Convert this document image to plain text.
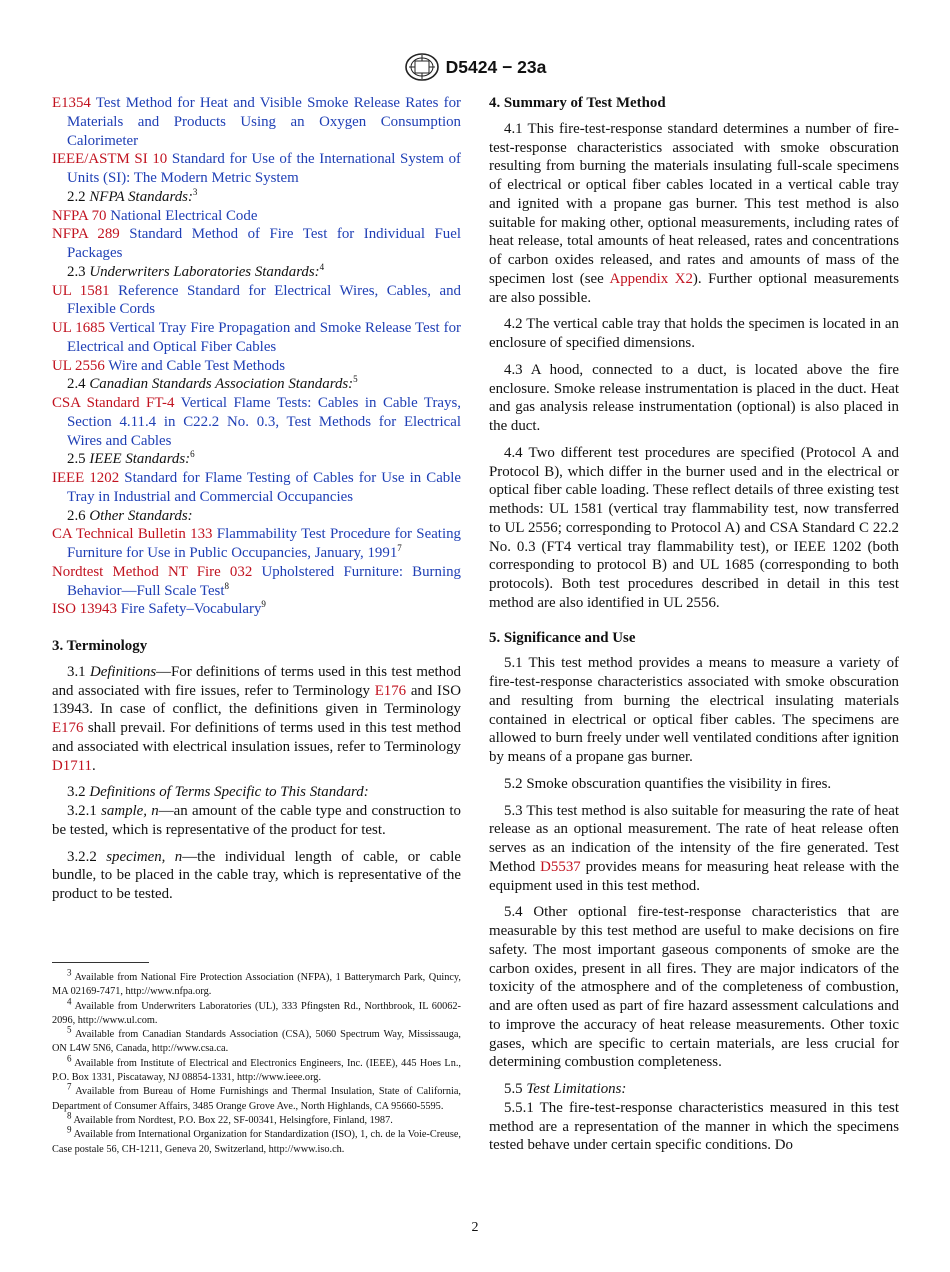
D5424 − 23a
E1354 Test Method for Heat and Visible Smoke Release Rates for Materials and Products Using an Oxygen Consumption Calorimeter
IEEE/ASTM SI 10 Standard for Use of the International System of Units (SI): The Modern Metric System
2.2 NFPA Standards:$^3$
NFPA 70 National Electrical Code
NFPA 289 Standard Method of Fire Test for Individual Fuel Packages
2.3 Underwriters Laboratories Standards:$^4$
UL 1581 Reference Standard for Electrical Wires, Cables, and Flexible Cords
UL 1685 Vertical Tray Fire Propagation and Smoke Release Test for Electrical and Optical Fiber Cables
UL 2556 Wire and Cable Test Methods
2.4 Canadian Standards Association Standards:$^5$
CSA Standard FT-4 Vertical Flame Tests: Cables in Cable Trays, Section 4.11.4 in C22.2 No. 0.3, Test Methods for Electrical Wires and Cables
2.5 IEEE Standards:$^6$
IEEE 1202 Standard for Flame Testing of Cables for Use in Cable Tray in Industrial and Commercial Occupancies
2.6 Other Standards:
CA Technical Bulletin 133 Flammability Test Procedure for Seating Furniture for Use in Public Occupancies, January, 1991$^7$
Nordtest Method NT Fire 032 Upholstered Furniture: Burning Behavior—Full Scale Test$^8$
ISO 13943 Fire Safety–Vocabulary$^9$
3. Terminology

3.1 Definitions—For definitions of terms used in this test method and associated with fire issues, refer to Terminology E176 and ISO 13943. In case of conflict, the definitions given in Terminology E176 shall prevail. For definitions of terms used in this test method and associated with electrical insulation issues, refer to Terminology D1711.

3.2 Definitions of Terms Specific to This Standard:

3.2.1 sample, n—an amount of the cable type and construction to be tested, which is representative of the product for test.

3.2.2 specimen, n—the individual length of cable, or cable bundle, to be placed in the cable tray, which is representative of the product to be tested.

$^3$ Available from National Fire Protection Association (NFPA), 1 Batterymarch Park, Quincy, MA 02169-7471, http://www.nfpa.org.
$^4$ Available from Underwriters Laboratories (UL), 333 Pfingsten Rd., Northbrook, IL 60062-2096, http://www.ul.com.
$^5$ Available from Canadian Standards Association (CSA), 5060 Spectrum Way, Mississauga, ON L4W 5N6, Canada, http://www.csa.ca.
$^6$ Available from Institute of Electrical and Electronics Engineers, Inc. (IEEE), 445 Hoes Ln., P.O. Box 1331, Piscataway, NJ 08854-1331, http://www.ieee.org.
$^7$ Available from Bureau of Home Furnishings and Thermal Insulation, State of California, Department of Consumer Affairs, 3485 Orange Grove Ave., North Highlands, CA 95660-5595.
$^8$ Available from Nordtest, P.O. Box 22, SF-00341, Helsingfore, Finland, 1987.
$^9$ Available from International Organization for Standardization (ISO), 1, ch. de la Voie-Creuse, Case postale 56, CH-1211, Geneva 20, Switzerland, http://www.iso.ch.
4. Summary of Test Method

4.1 This fire-test-response standard determines a number of fire-test-response characteristics associated with smoke obscuration resulting from burning the materials insulating full-scale specimens of electrical or optical fiber cables located in a vertical cable tray and ignited with a propane gas burner. This test method is also suitable for making other, optional measurements, including rates of heat release, total amounts of heat released, rates and concentrations of carbon oxides released, and rates and amounts of mass of the specimen lost (see Appendix X2). Further optional measurements are also possible.

4.2 The vertical cable tray that holds the specimen is located in an enclosure of specified dimensions.

4.3 A hood, connected to a duct, is located above the fire enclosure. Smoke release instrumentation is placed in the duct. Heat and gas analysis release instrumentation (optional) is also placed in the duct.

4.4 Two different test procedures are specified (Protocol A and Protocol B), which differ in the burner used and in the electrical or optical fiber cable loading. These reflect details of three existing test methods: UL 1581 (vertical tray flammability test, now transferred to UL 2556; corresponding to Protocol A) and CSA Standard C 22.2 No. 0.3 (FT4 vertical tray flammability test), or IEEE 1202 (both corresponding to protocol B) and UL 1685 (corresponding to both protocols). Both test procedures described in detail in this test method are also identified in UL 2556.

5. Significance and Use

5.1 This test method provides a means to measure a variety of fire-test-response characteristics associated with smoke obscuration and resulting from burning the electrical insulating materials contained in electrical or optical fiber cables. The specimens are allowed to burn freely under well ventilated conditions after ignition by means of a propane gas burner.

5.2 Smoke obscuration quantifies the visibility in fires.

5.3 This test method is also suitable for measuring the rate of heat release as an optional measurement. The rate of heat release often serves as an indication of the intensity of the fire generated. Test Method D5537 provides means for measuring heat release with the equipment used in this test method.

5.4 Other optional fire-test-response characteristics that are measurable by this test method are useful to make decisions on fire safety. The most important gaseous components of smoke are the carbon oxides, present in all fires. They are major indicators of the toxicity of the atmosphere and of the completeness of combustion, and are often used as part of fire hazard assessment calculations and to improve the accuracy of heat release measurements. Other toxic gases, which are specific to certain materials, are less crucial for determining combustion completeness.

5.5 Test Limitations:

5.5.1 The fire-test-response characteristics measured in this test method are a representation of the manner in which the specimens tested behave under certain specific conditions. Do

2
